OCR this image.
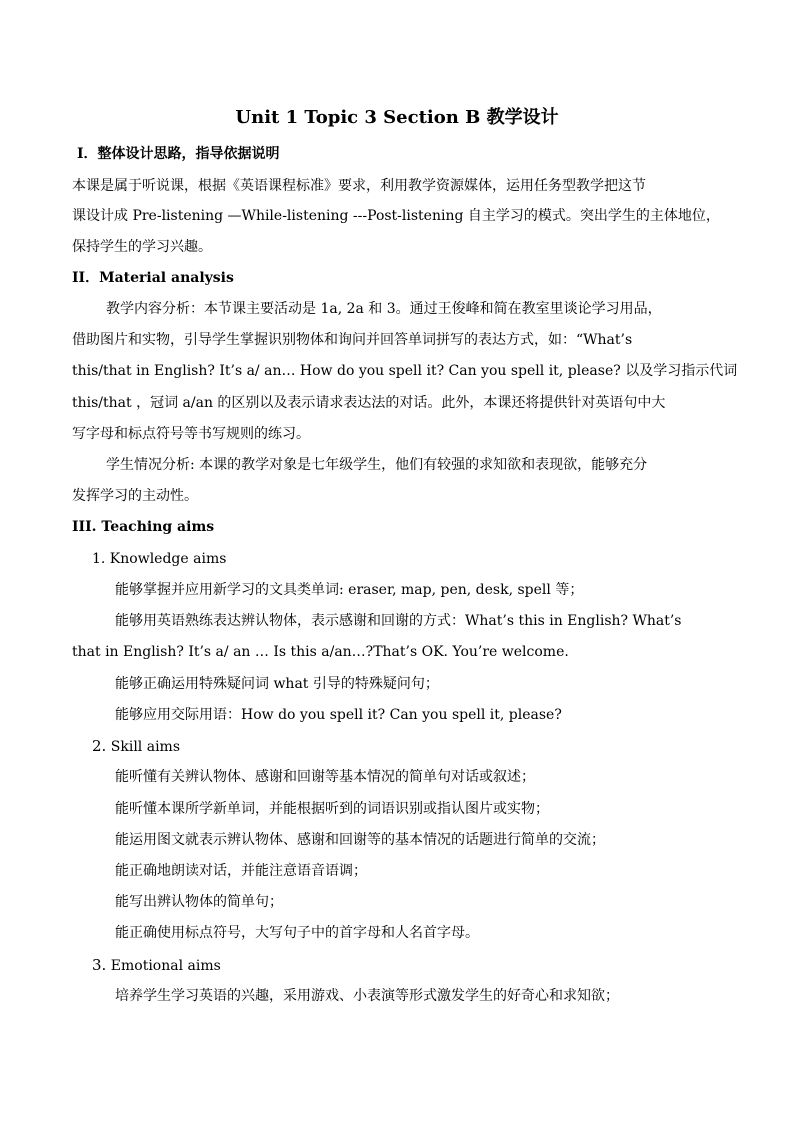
Unit 1 Topic 3 Section B 教学设计
Ⅰ．整体设计思路，指导依据说明
本课是属于听说课，根据《英语课程标准》要求，利用教学资源媒体，运用任务型教学把这节
课设计成 Pre-listening —While-listening ---Post-listening 自主学习的模式。突出学生的主体地位，
保持学生的学习兴趣。
II．Material analysis
教学内容分析：本节课主要活动是 1a, 2a 和 3。通过王俊峰和简在教室里谈论学习用品，
借助图片和实物，引导学生掌握识别物体和询问并回答单词拼写的表达方式，如：“What’s
this/that in English? It’s a/ an… How do you spell it? Can you spell it, please? 以及学习指示代词
this/that ，冠词 a/an 的区别以及表示请求表达法的对话。此外，本课还将提供针对英语句中大
写字母和标点符号等书写规则的练习。
学生情况分析: 本课的教学对象是七年级学生，他们有较强的求知欲和表现欲，能够充分
发挥学习的主动性。
III. Teaching aims
1. Knowledge aims
能够掌握并应用新学习的文具类单词: eraser, map, pen, desk, spell 等；
能够用英语熟练表达辨认物体，表示感谢和回谢的方式：What’s this in English? What’s
that in English? It’s a/ an … Is this a/an…?That’s OK. You’re welcome.
能够正确运用特殊疑问词 what 引导的特殊疑问句；
能够应用交际用语：How do you spell it? Can you spell it, please?
2. Skill aims
能听懂有关辨认物体、感谢和回谢等基本情况的简单句对话或叙述；
能听懂本课所学新单词，并能根据听到的词语识别或指认图片或实物；
能运用图文就表示辨认物体、感谢和回谢等的基本情况的话题进行简单的交流；
能正确地朗读对话，并能注意语音语调；
能写出辨认物体的简单句；
能正确使用标点符号，大写句子中的首字母和人名首字母。
3. Emotional aims
培养学生学习英语的兴趣，采用游戏、小表演等形式激发学生的好奇心和求知欲；
